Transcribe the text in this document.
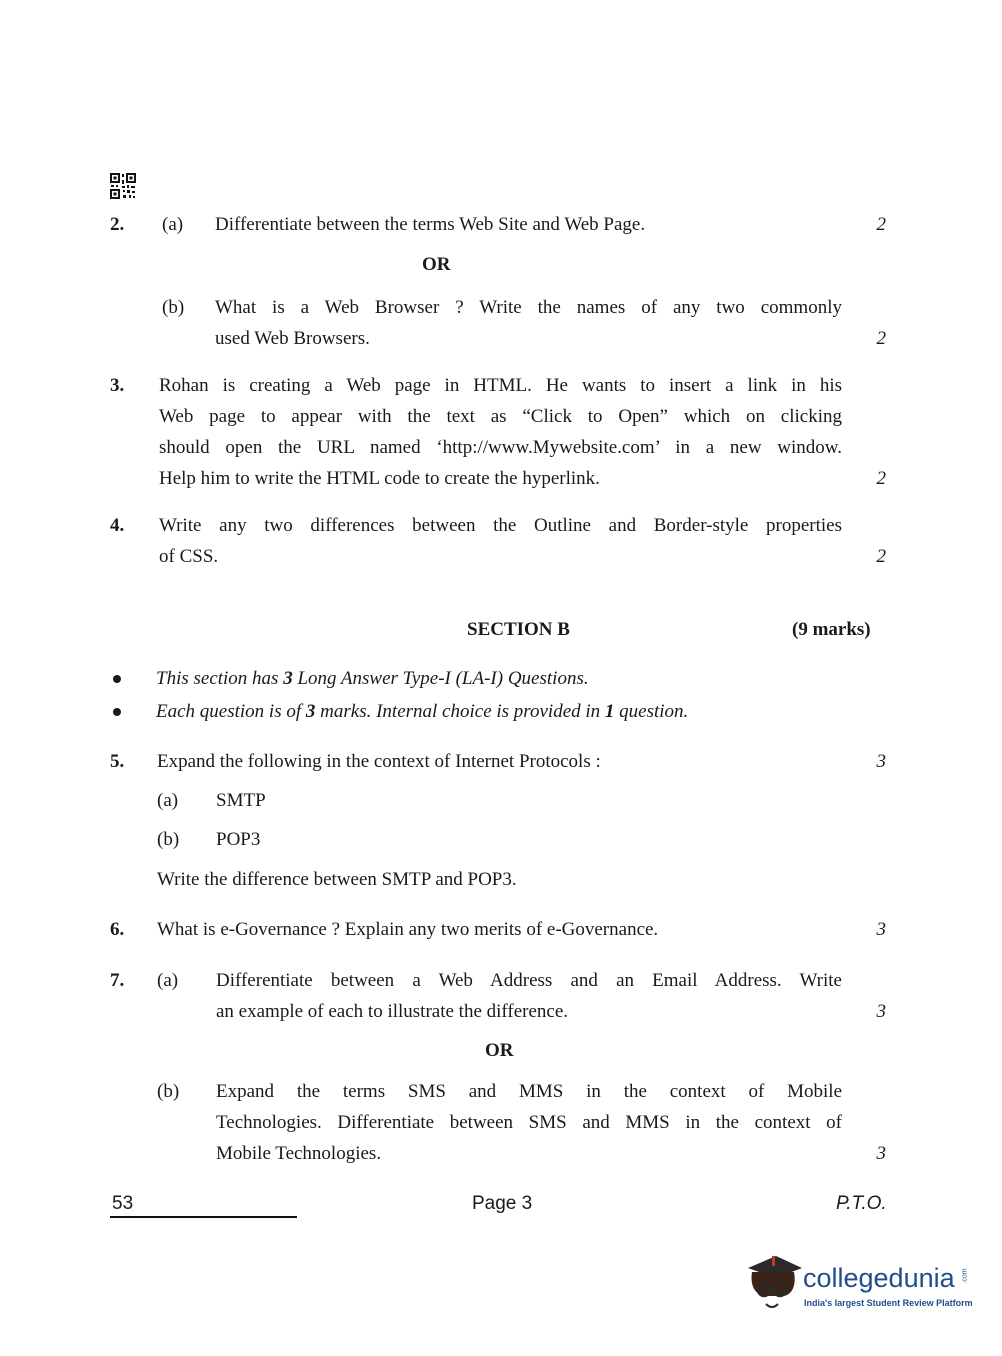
2. (a) Differentiate between the terms Web Site and Web Page.	2
OR
(b) What is a Web Browser ? Write the names of any two commonly
used Web Browsers.	2
3. Rohan is creating a Web page in HTML. He wants to insert a link in his
Web page to appear with the text as “Click to Open” which on clicking
should open the URL named ‘http://www.Mywebsite.com’ in a new window.
Help him to write the HTML code to create the hyperlink.	2
4. Write any two differences between the Outline and Border-style properties
of CSS.	2
SECTION B	(9 marks)
This section has 3 Long Answer Type-I (LA-I) Questions.
Each question is of 3 marks. Internal choice is provided in 1 question.
5. Expand the following in the context of Internet Protocols :	3
(a) SMTP
(b) POP3
Write the difference between SMTP and POP3.
6. What is e-Governance ? Explain any two merits of e-Governance.	3
7. (a) Differentiate between a Web Address and an Email Address. Write
an example of each to illustrate the difference.	3
OR
(b) Expand the terms SMS and MMS in the context of Mobile
Technologies. Differentiate between SMS and MMS in the context of
Mobile Technologies.	3
53	Page 3	P.T.O.
collegedunia .com
India's largest Student Review Platform
